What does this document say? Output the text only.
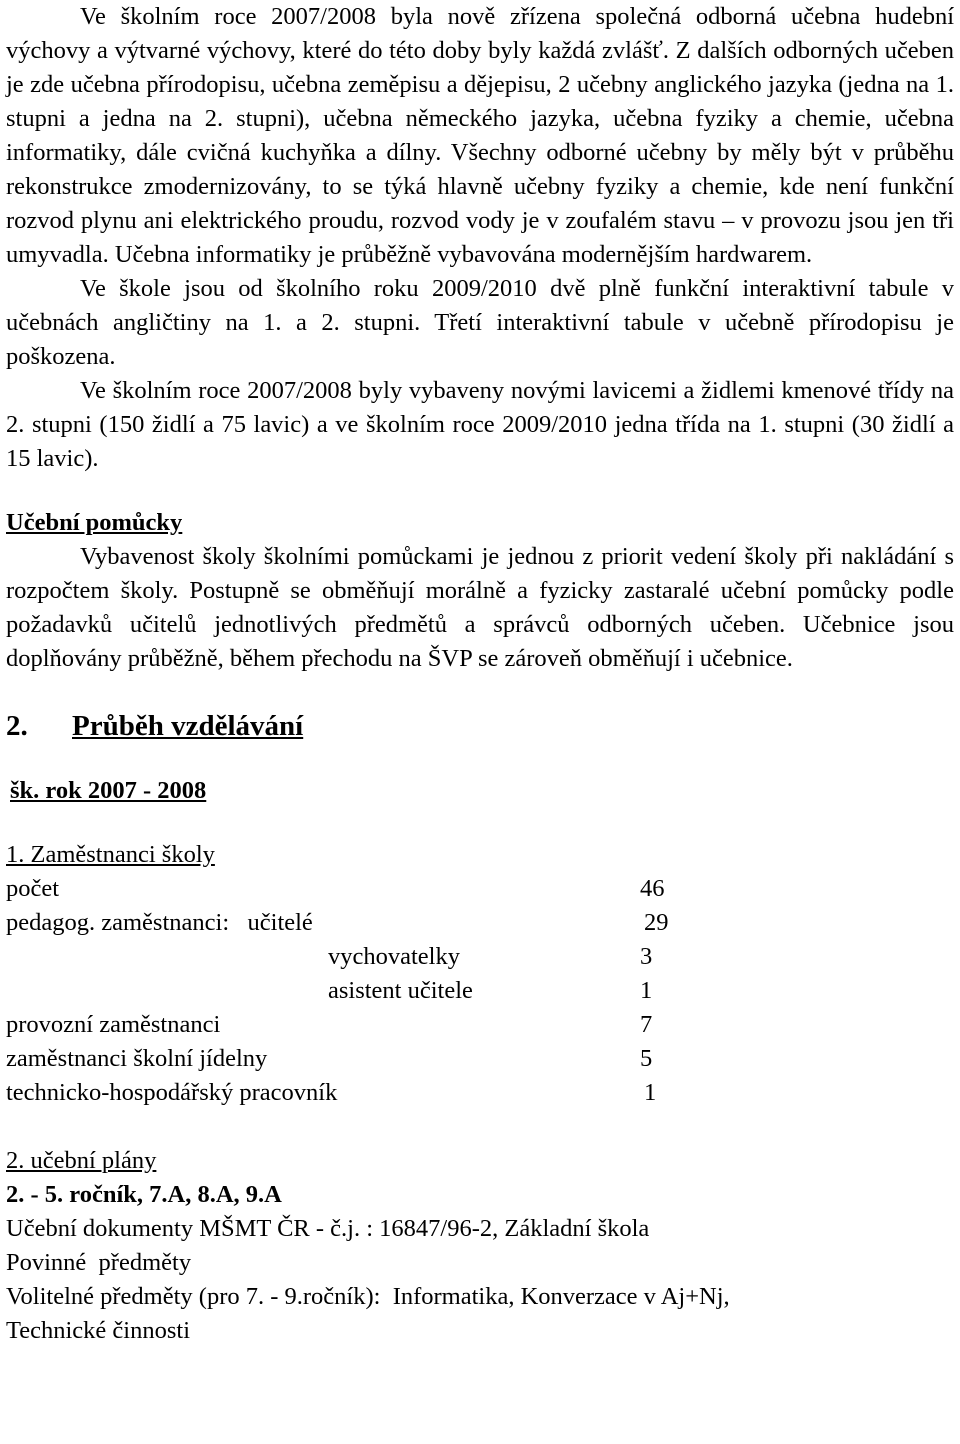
Ve školním roce 2007/2008 byla nově zřízena společná odborná učebna hudební výchovy a výtvarné výchovy, které do této doby byly každá zvlášť. Z dalších odborných učeben je zde učebna přírodopisu, učebna zeměpisu a dějepisu, 2 učebny anglického jazyka (jedna na 1. stupni a jedna na 2. stupni), učebna německého jazyka, učebna fyziky a chemie, učebna informatiky, dále cvičná kuchyňka a dílny. Všechny odborné učebny by měly být v průběhu rekonstrukce zmodernizovány, to se týká hlavně učebny fyziky a chemie, kde není funkční rozvod plynu ani elektrického proudu, rozvod vody je v zoufalém stavu – v provozu jsou jen tři umyvadla. Učebna informatiky je průběžně vybavována modernějším hardwarem.

Ve škole jsou od školního roku 2009/2010 dvě plně funkční interaktivní tabule v učebnách angličtiny na 1. a 2. stupni. Třetí interaktivní tabule v učebně přírodopisu je poškozena.

Ve školním roce 2007/2008 byly vybaveny novými lavicemi a židlemi kmenové třídy na 2. stupni (150 židlí a 75 lavic) a ve školním roce 2009/2010 jedna třída na 1. stupni (30 židlí a 15 lavic).

Učební pomůcky

Vybavenost školy školními pomůckami je jednou z priorit vedení školy při nakládání s rozpočtem školy. Postupně se obměňují morálně a fyzicky zastaralé učební pomůcky podle požadavků učitelů jednotlivých předmětů a správců odborných učeben. Učebnice jsou doplňovány průběžně, během přechodu na ŠVP se zároveň obměňují i učebnice.

2. Průběh vzdělávání
šk. rok 2007 - 2008
1. Zaměstnanci školy
počet	46
pedagog. zaměstnanci:   učitelé	29
vychovatelky	3
asistent učitele	1
provozní zaměstnanci	7
zaměstnanci školní jídelny	5
technicko-hospodářský pracovník	1
2. učební plány
2. - 5. ročník, 7.A, 8.A, 9.A
Učební dokumenty MŠMT ČR - č.j. : 16847/96-2, Základní škola
Povinné  předměty
Volitelné předměty (pro 7. - 9.ročník):  Informatika, Konverzace v Aj+Nj,
Technické činnosti
